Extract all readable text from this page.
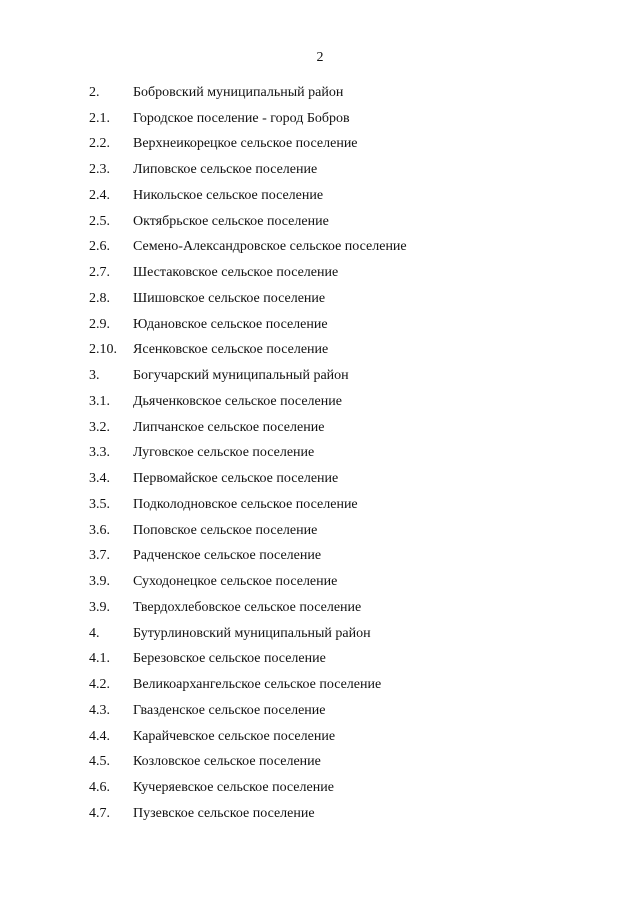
2
2.	Бобровский муниципальный район
2.1.	Городское поселение - город Бобров
2.2.	Верхнеикорецкое сельское поселение
2.3.	Липовское сельское поселение
2.4.	Никольское сельское поселение
2.5.	Октябрьское сельское поселение
2.6.	Семено-Александровское сельское поселение
2.7.	Шестаковское сельское поселение
2.8.	Шишовское сельское поселение
2.9.	Юдановское сельское поселение
2.10.	Ясенковское сельское поселение
3.	Богучарский муниципальный район
3.1.	Дьяченковское сельское поселение
3.2.	Липчанское сельское поселение
3.3.	Луговское сельское поселение
3.4.	Первомайское сельское поселение
3.5.	Подколодновское сельское поселение
3.6.	Поповское сельское поселение
3.7.	Радченское сельское поселение
3.9.	Суходонецкое сельское поселение
3.9.	Твердохлебовское сельское поселение
4.	Бутурлиновский муниципальный район
4.1.	Березовское сельское поселение
4.2.	Великоархангельское сельское поселение
4.3.	Гвазденское сельское поселение
4.4.	Карайчевское сельское поселение
4.5.	Козловское сельское поселение
4.6.	Кучеряевское сельское поселение
4.7.	Пузевское сельское поселение
